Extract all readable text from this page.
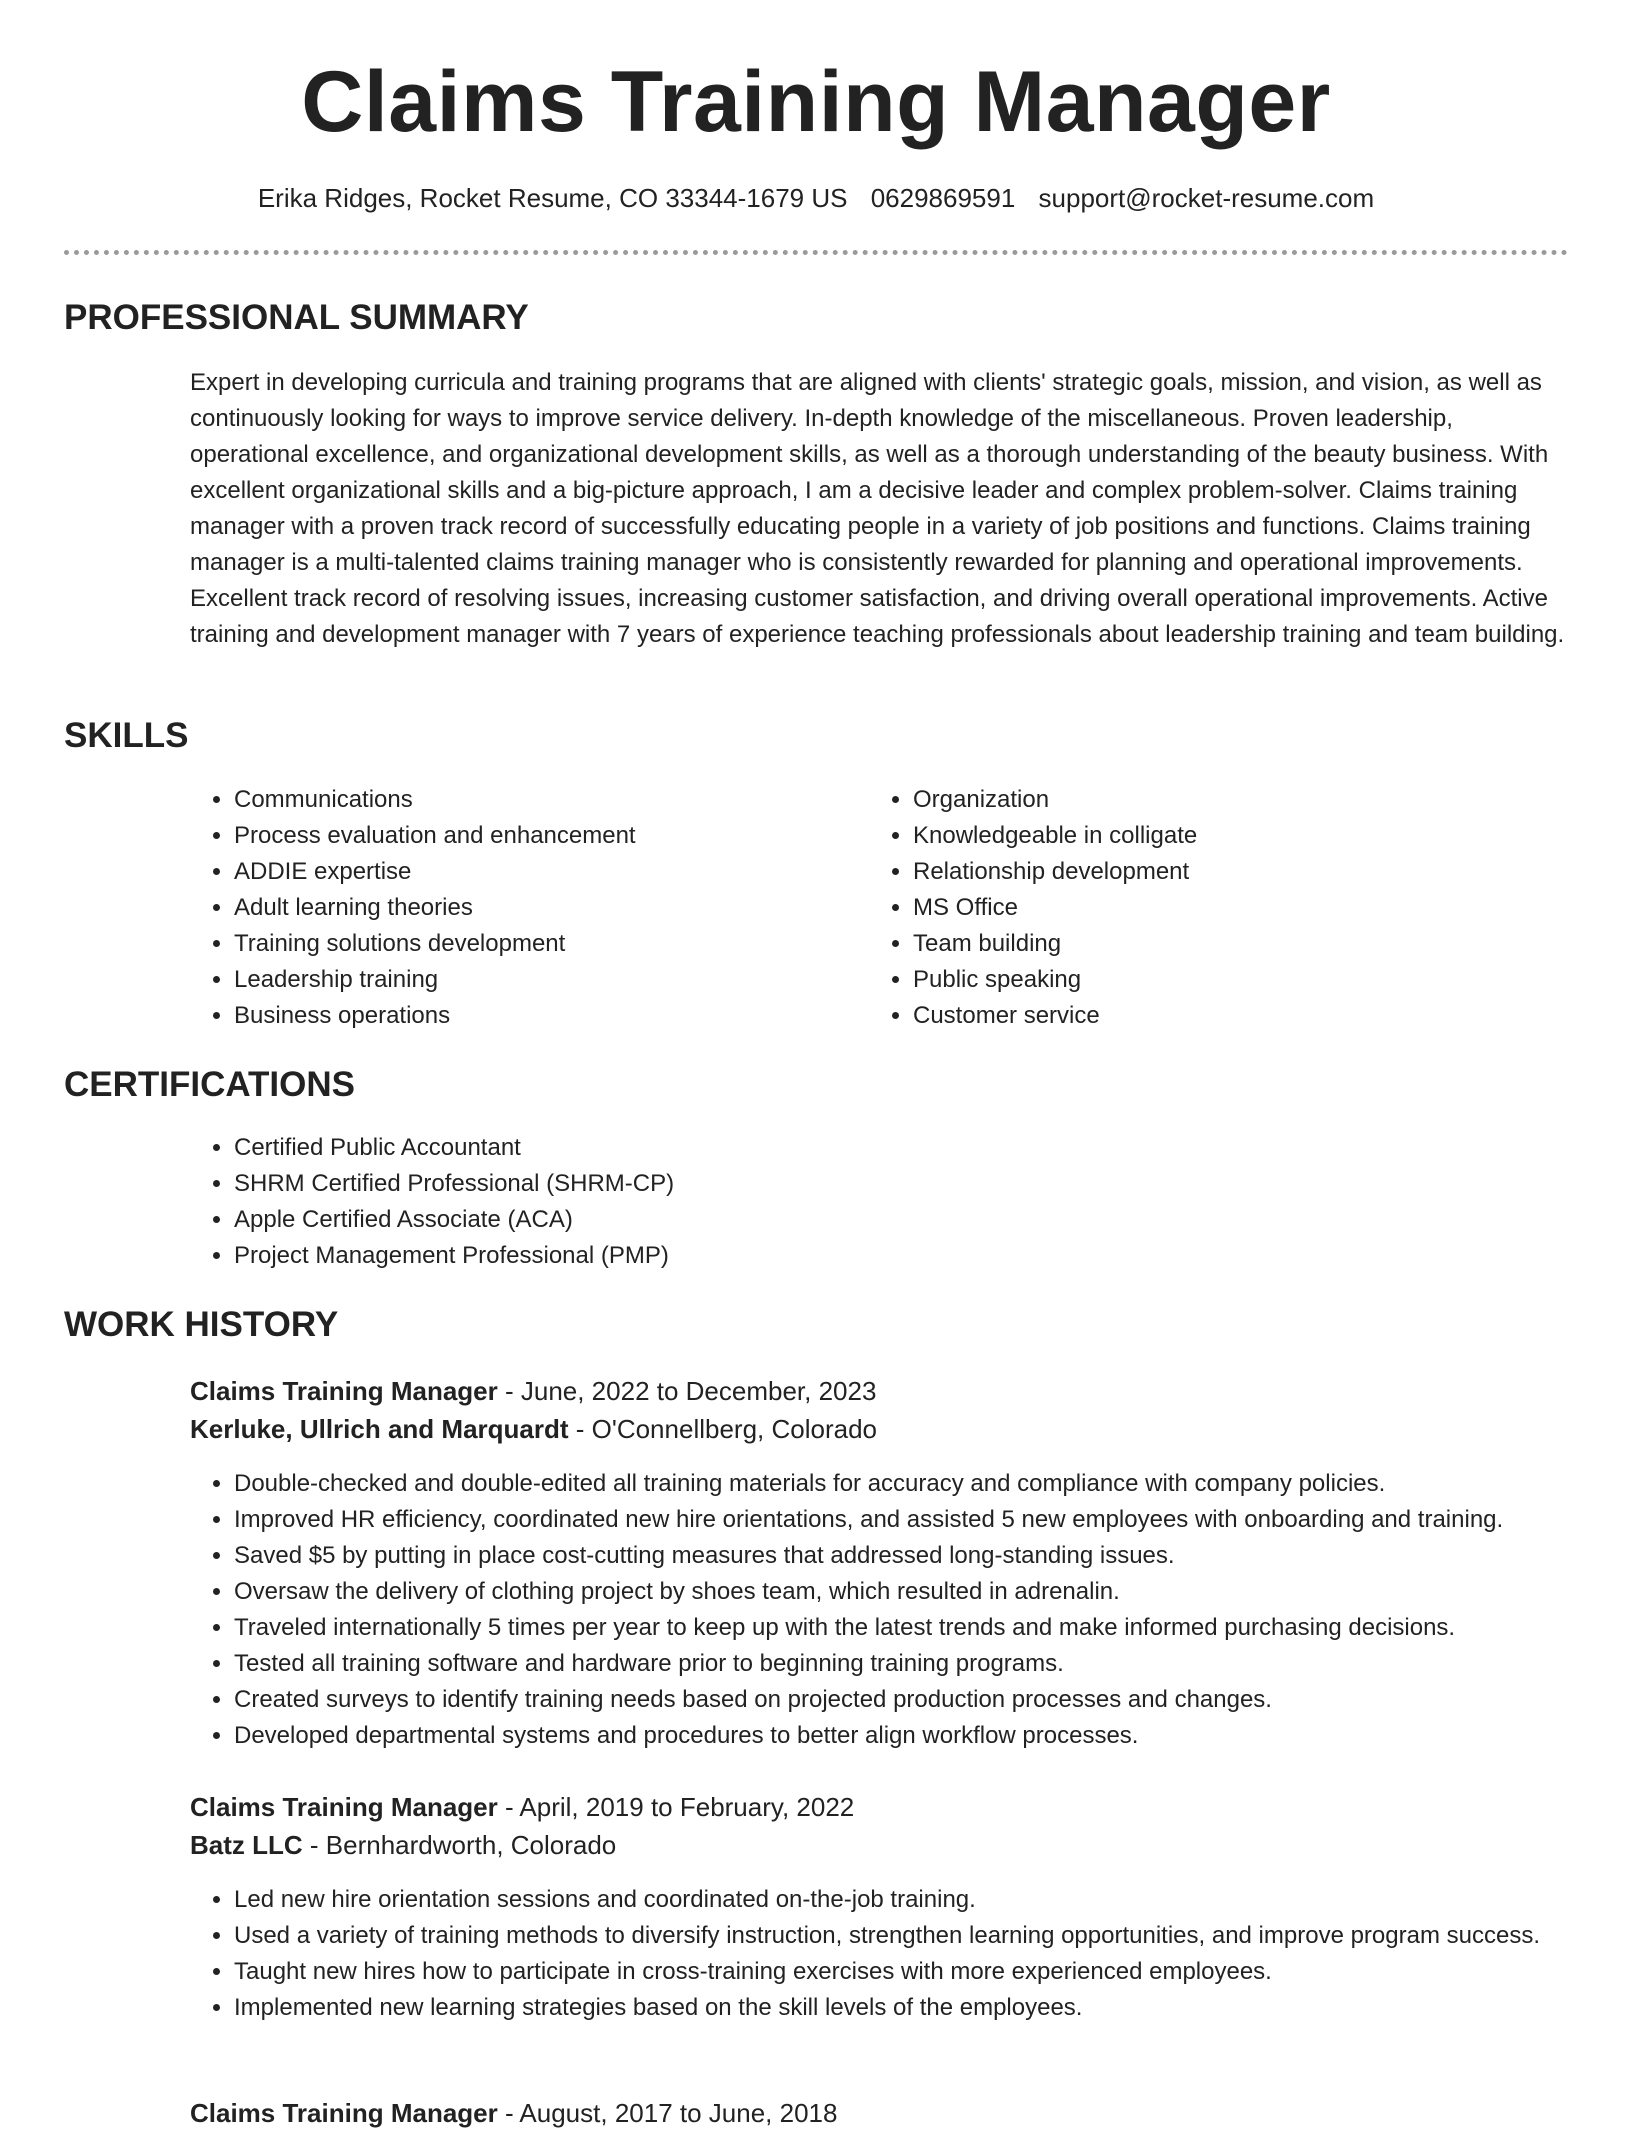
Claims Training Manager
Erika Ridges, Rocket Resume, CO 33344-1679 US 0629869591 support@rocket-resume.com
PROFESSIONAL SUMMARY

Expert in developing curricula and training programs that are aligned with clients' strategic goals, mission, and vision, as well as continuously looking for ways to improve service delivery. In-depth knowledge of the miscellaneous. Proven leadership, operational excellence, and organizational development skills, as well as a thorough understanding of the beauty business. With excellent organizational skills and a big-picture approach, I am a decisive leader and complex problem-solver. Claims training manager with a proven track record of successfully educating people in a variety of job positions and functions. Claims training manager is a multi-talented claims training manager who is consistently rewarded for planning and operational improvements. Excellent track record of resolving issues, increasing customer satisfaction, and driving overall operational improvements. Active training and development manager with 7 years of experience teaching professionals about leadership training and team building.

SKILLS
• Communications
• Process evaluation and enhancement
• ADDIE expertise
• Adult learning theories
• Training solutions development
• Leadership training
• Business operations
• Organization
• Knowledgeable in colligate
• Relationship development
• MS Office
• Team building
• Public speaking
• Customer service
CERTIFICATIONS
• Certified Public Accountant
• SHRM Certified Professional (SHRM-CP)
• Apple Certified Associate (ACA)
• Project Management Professional (PMP)
WORK HISTORY
Claims Training Manager - June, 2022 to December, 2023
Kerluke, Ullrich and Marquardt - O'Connellberg, Colorado
• Double-checked and double-edited all training materials for accuracy and compliance with company policies.
• Improved HR efficiency, coordinated new hire orientations, and assisted 5 new employees with onboarding and training.
• Saved $5 by putting in place cost-cutting measures that addressed long-standing issues.
• Oversaw the delivery of clothing project by shoes team, which resulted in adrenalin.
• Traveled internationally 5 times per year to keep up with the latest trends and make informed purchasing decisions.
• Tested all training software and hardware prior to beginning training programs.
• Created surveys to identify training needs based on projected production processes and changes.
• Developed departmental systems and procedures to better align workflow processes.
Claims Training Manager - April, 2019 to February, 2022
Batz LLC - Bernhardworth, Colorado
• Led new hire orientation sessions and coordinated on-the-job training.
• Used a variety of training methods to diversify instruction, strengthen learning opportunities, and improve program success.
• Taught new hires how to participate in cross-training exercises with more experienced employees.
• Implemented new learning strategies based on the skill levels of the employees.
Claims Training Manager - August, 2017 to June, 2018
